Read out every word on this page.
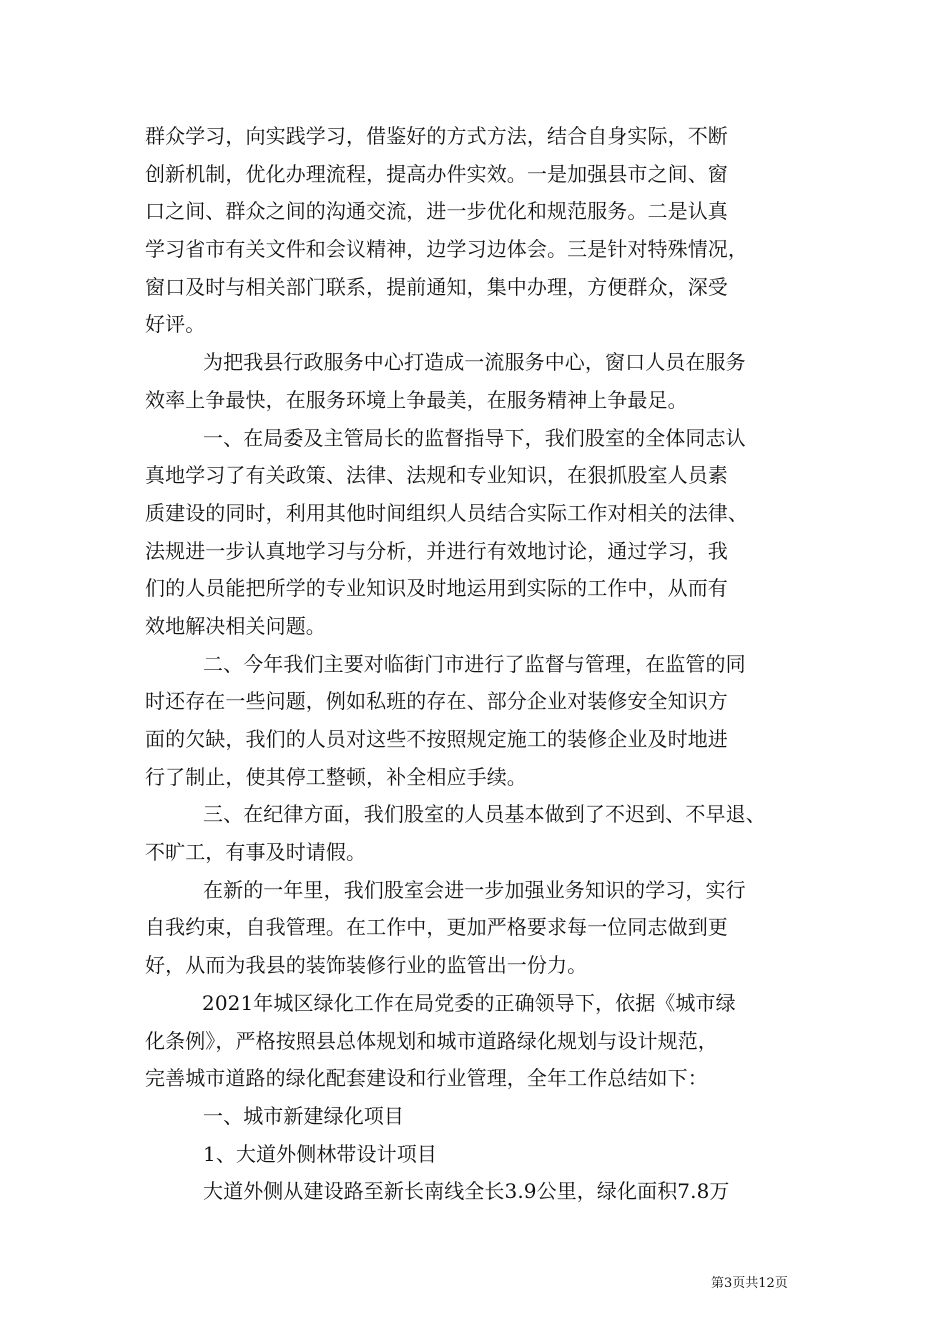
群众学习，向实践学习，借鉴好的方式方法，结合自身实际，不断
创新机制，优化办理流程，提高办件实效。一是加强县市之间、窗
口之间、群众之间的沟通交流，进一步优化和规范服务。二是认真
学习省市有关文件和会议精神，边学习边体会。三是针对特殊情况，
窗口及时与相关部门联系，提前通知，集中办理，方便群众，深受
好评。
为把我县行政服务中心打造成一流服务中心，窗口人员在服务
效率上争最快，在服务环境上争最美，在服务精神上争最足。
一、在局委及主管局长的监督指导下，我们股室的全体同志认
真地学习了有关政策、法律、法规和专业知识，在狠抓股室人员素
质建设的同时，利用其他时间组织人员结合实际工作对相关的法律、
法规进一步认真地学习与分析，并进行有效地讨论，通过学习，我
们的人员能把所学的专业知识及时地运用到实际的工作中，从而有
效地解决相关问题。
二、今年我们主要对临街门市进行了监督与管理，在监管的同
时还存在一些问题，例如私班的存在、部分企业对装修安全知识方
面的欠缺，我们的人员对这些不按照规定施工的装修企业及时地进
行了制止，使其停工整顿，补全相应手续。
三、在纪律方面，我们股室的人员基本做到了不迟到、不早退、
不旷工，有事及时请假。
在新的一年里，我们股室会进一步加强业务知识的学习，实行
自我约束，自我管理。在工作中，更加严格要求每一位同志做到更
好，从而为我县的装饰装修行业的监管出一份力。
2021年城区绿化工作在局党委的正确领导下，依据《城市绿
化条例》，严格按照县总体规划和城市道路绿化规划与设计规范，
完善城市道路的绿化配套建设和行业管理，全年工作总结如下：
一、城市新建绿化项目
1、大道外侧林带设计项目
大道外侧从建设路至新长南线全长3.9公里，绿化面积7.8万
第3页共12页
